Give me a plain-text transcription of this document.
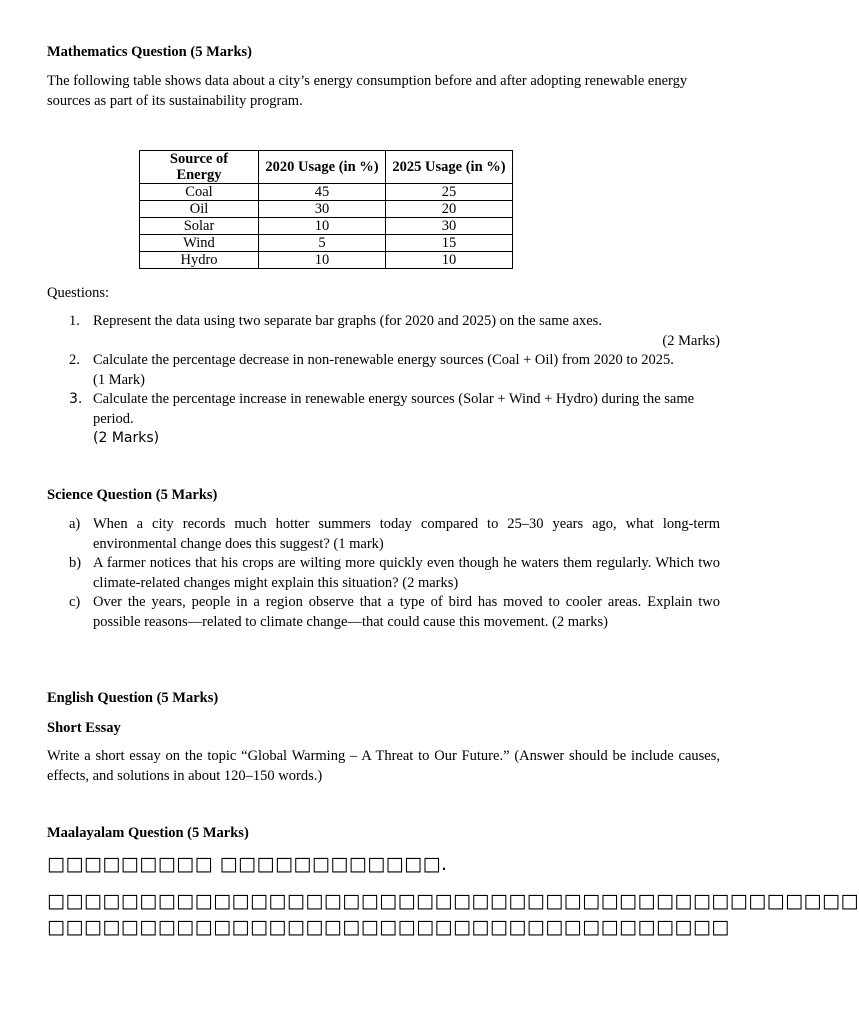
Mathematics Question (5 Marks)

The following table shows data about a city’s energy consumption before and after adopting renewable energy sources as part of its sustainability program.

Source of Energy	2020 Usage (in %)	2025 Usage (in %)
Coal	45	25
Oil	30	20
Solar	10	30
Wind	5	15
Hydro	10	10

Questions:

1. Represent the data using two separate bar graphs (for 2020 and 2025) on the same axes.
(2 Marks)
2. Calculate the percentage decrease in non-renewable energy sources (Coal + Oil) from 2020 to 2025.
(1 Mark)
3. Calculate the percentage increase in renewable energy sources (Solar + Wind + Hydro) during the same period.
(2 Marks)

Science Question (5 Marks)

a) When a city records much hotter summers today compared to 25–30 years ago, what long-term environmental change does this suggest? (1 mark)
b) A farmer notices that his crops are wilting more quickly even though he waters them regularly. Which two climate-related changes might explain this situation? (2 marks)
c) Over the years, people in a region observe that a type of bird has moved to cooler areas. Explain two possible reasons—related to climate change—that could cause this movement. (2 marks)

English Question (5 Marks)

Short Essay

Write a short essay on the topic “Global Warming – A Threat to Our Future.” (Answer should be include causes, effects, and solutions in about 120–150 words.)

Maalayalam Question (5 Marks)

□□□□□□□□□ □□□□□□□□□□□□.
□□□□□□□□ □□□□□□□□ □□□□□□□□□□□□□□□□□ □□□ □□□□ □□□□
□□□□□ □□□□□□□□□ □□□□□□ □□□□□□□ □□□□□ □□□□□
